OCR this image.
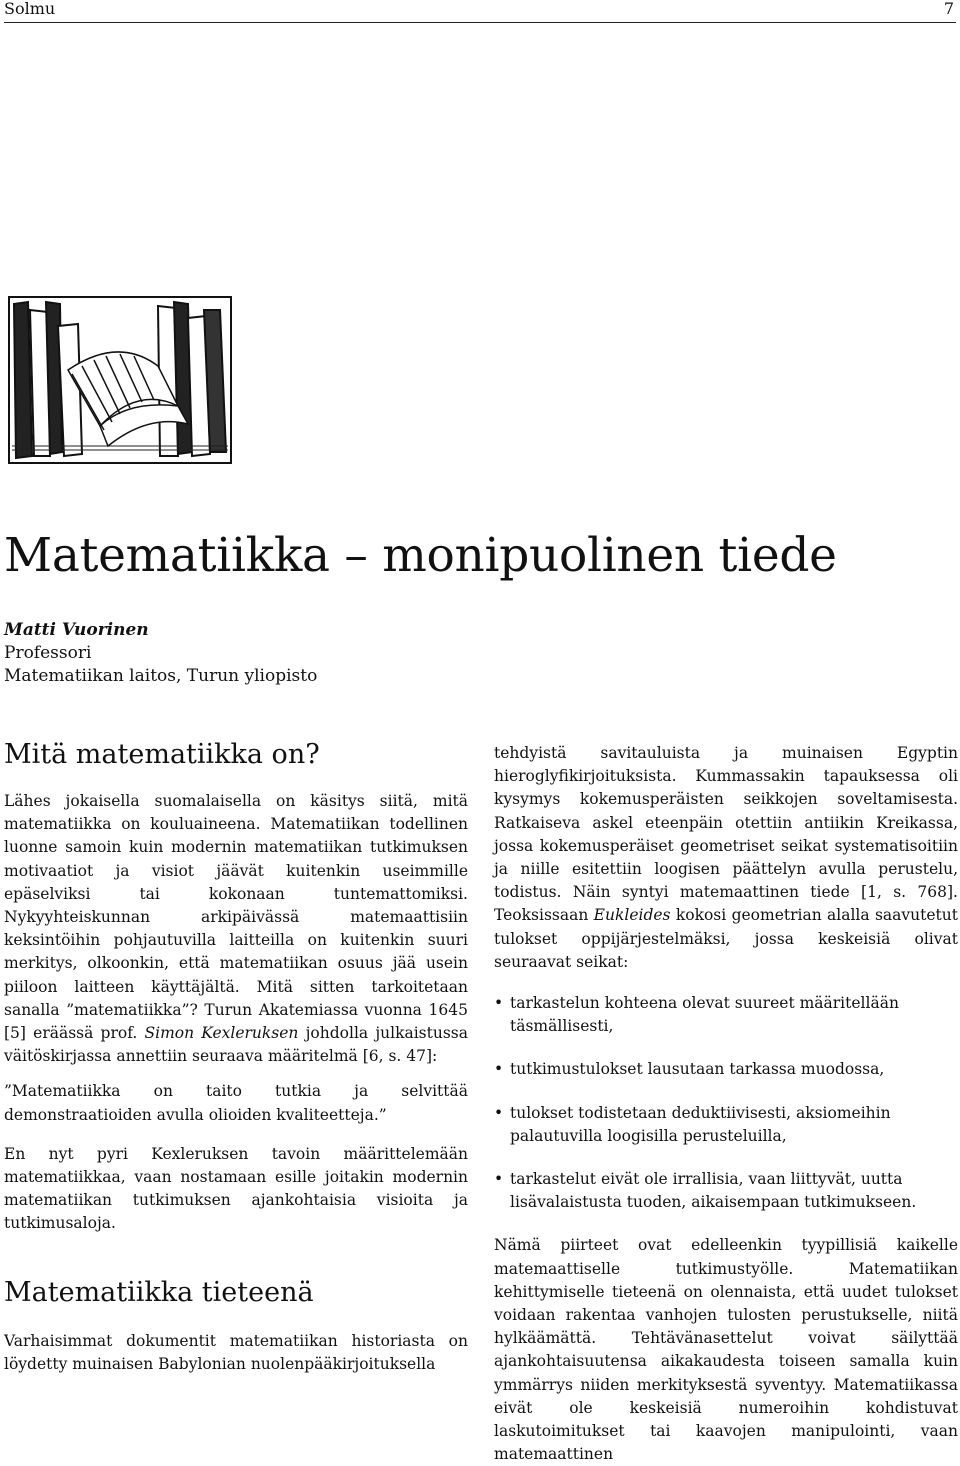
Solmu	7
Matematiikka – monipuolinen tiede
Matti Vuorinen
Professori
Matematiikan laitos, Turun yliopisto
Mitä matematiikka on?

Lähes jokaisella suomalaisella on käsitys siitä, mitä matematiikka on kouluaineena. Matematiikan todellinen luonne samoin kuin modernin matematiikan tutkimuksen motivaatiot ja visiot jäävät kuitenkin useimmille epäselviksi tai kokonaan tuntemattomiksi. Nykyyhteiskunnan arkipäivässä matemaattisiin keksintöihin pohjautuvilla laitteilla on kuitenkin suuri merkitys, olkoonkin, että matematiikan osuus jää usein piiloon laitteen käyttäjältä. Mitä sitten tarkoitetaan sanalla ”matematiikka”? Turun Akatemiassa vuonna 1645 [5] eräässä prof. Simon Kexleruksen johdolla julkaistussa väitöskirjassa annettiin seuraava määritelmä [6, s. 47]:

”Matematiikka on taito tutkia ja selvittää demonstraatioiden avulla olioiden kvaliteetteja.”

En nyt pyri Kexleruksen tavoin määrittelemään matematiikkaa, vaan nostamaan esille joitakin modernin matematiikan tutkimuksen ajankohtaisia visioita ja tutkimusaloja.

Matematiikka tieteenä

Varhaisimmat dokumentit matematiikan historiasta on löydetty muinaisen Babylonian nuolenpääkirjoituksella

tehdyistä savitauluista ja muinaisen Egyptin hieroglyfikirjoituksista. Kummassakin tapauksessa oli kysymys kokemusperäisten seikkojen soveltamisesta. Ratkaiseva askel eteenpäin otettiin antiikin Kreikassa, jossa kokemusperäiset geometriset seikat systematisoitiin ja niille esitettiin loogisen päättelyn avulla perustelu, todistus. Näin syntyi matemaattinen tiede [1, s. 768]. Teoksissaan Eukleides kokosi geometrian alalla saavutetut tulokset oppijärjestelmäksi, jossa keskeisiä olivat seuraavat seikat:

• tarkastelun kohteena olevat suureet määritellään täsmällisesti,
• tutkimustulokset lausutaan tarkassa muodossa,
• tulokset todistetaan deduktiivisesti, aksiomeihin palautuvilla loogisilla perusteluilla,
• tarkastelut eivät ole irrallisia, vaan liittyvät, uutta lisävalaistusta tuoden, aikaisempaan tutkimukseen.

Nämä piirteet ovat edelleenkin tyypillisiä kaikelle matemaattiselle tutkimustyölle. Matematiikan kehittymiselle tieteenä on olennaista, että uudet tulokset voidaan rakentaa vanhojen tulosten perustukselle, niitä hylkäämättä. Tehtävänasettelut voivat säilyttää ajankohtaisuutensa aikakaudesta toiseen samalla kuin ymmärrys niiden merkityksestä syventyy. Matematiikassa eivät ole keskeisiä numeroihin kohdistuvat laskutoimitukset tai kaavojen manipulointi, vaan matemaattinen
